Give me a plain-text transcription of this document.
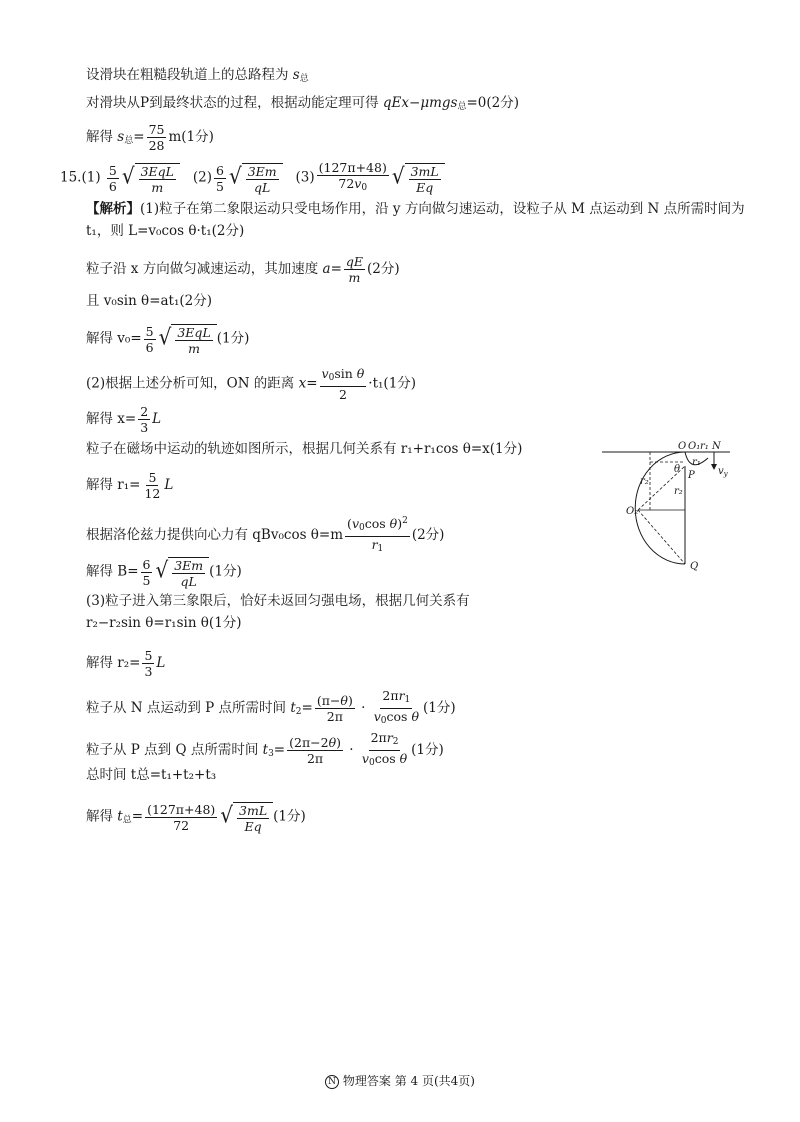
设滑块在粗糙段轨道上的总路程为 $s_总$
对滑块从P到最终状态的过程，根据动能定理可得 qEx−μmgs$_总$=0(2分)
解得 $s_总= \frac{75}{28} m(1$分)
$15.(1) \frac{5}{6}$ √ 3EqL
m
$(2) \frac{6}{5}$ √ 3Em
qL
$(3) \frac{(127\pi+48)}{72v_0}$ √ 3mL
Eq
【解析】(1)粒子在第二象限运动只受电场作用，沿 y 方向做匀速运动，设粒子从 M 点运动到 N 点所需时间为
t₁，则 L=v₀cos θ·t₁(2分)
粒子沿 x 方向做匀减速运动，其加速度 $a= \frac{qE}{m} (2$分)
且 v₀sin θ=at₁(2分)
解得 $v_0= \frac{5}{6}$ √ 3EqL
m
(1分)
(2)根据上述分析可知，ON 的距离 $x= \frac{v_0\sin \theta}{2} \cdot t_1(1$分)
解得 $x= \frac{2}{3}$ L
粒子在磁场中运动的轨迹如图所示，根据几何关系有 r₁+r₁cos θ=x(1分)
解得 $r_1= \frac{5}{12}$ L
根据洛伦兹力提供向心力有 qBv₀cos $\theta=m \frac{(v_0\cos \theta)^2}{r_1} (2$分)
解得 $B= \frac{6}{5}$ √ 3Em
qL
(1分)
(3)粒子进入第三象限后，恰好未返回匀强电场，根据几何关系有
r₂−r₂sin θ=r₁sin θ(1分)
解得 $r_2= \frac{5}{3}$ L
粒子从 N 点运动到 P 点所需时间 $t_2= \frac{(\pi-\theta)}{2\pi} \cdot \frac{2\pi r_1}{v_0\cos \theta} (1$分)
粒子从 P 点到 Q 点所需时间 $t_3= \frac{(2\pi-2\theta)}{2\pi} \cdot \frac{2\pi r_2}{v_0\cos \theta} (1$分)
总时间 t总=t₁+t₂+t₃
解得 $t_总= \frac{(127\pi+48)}{72}$ √ 3mL
Eq
(1分)
O O₁ r₁ N
P
θ
r₁
r₂
r₂
O₂
Q
$v_y$
N 物理答案 第 4 页(共4页)
